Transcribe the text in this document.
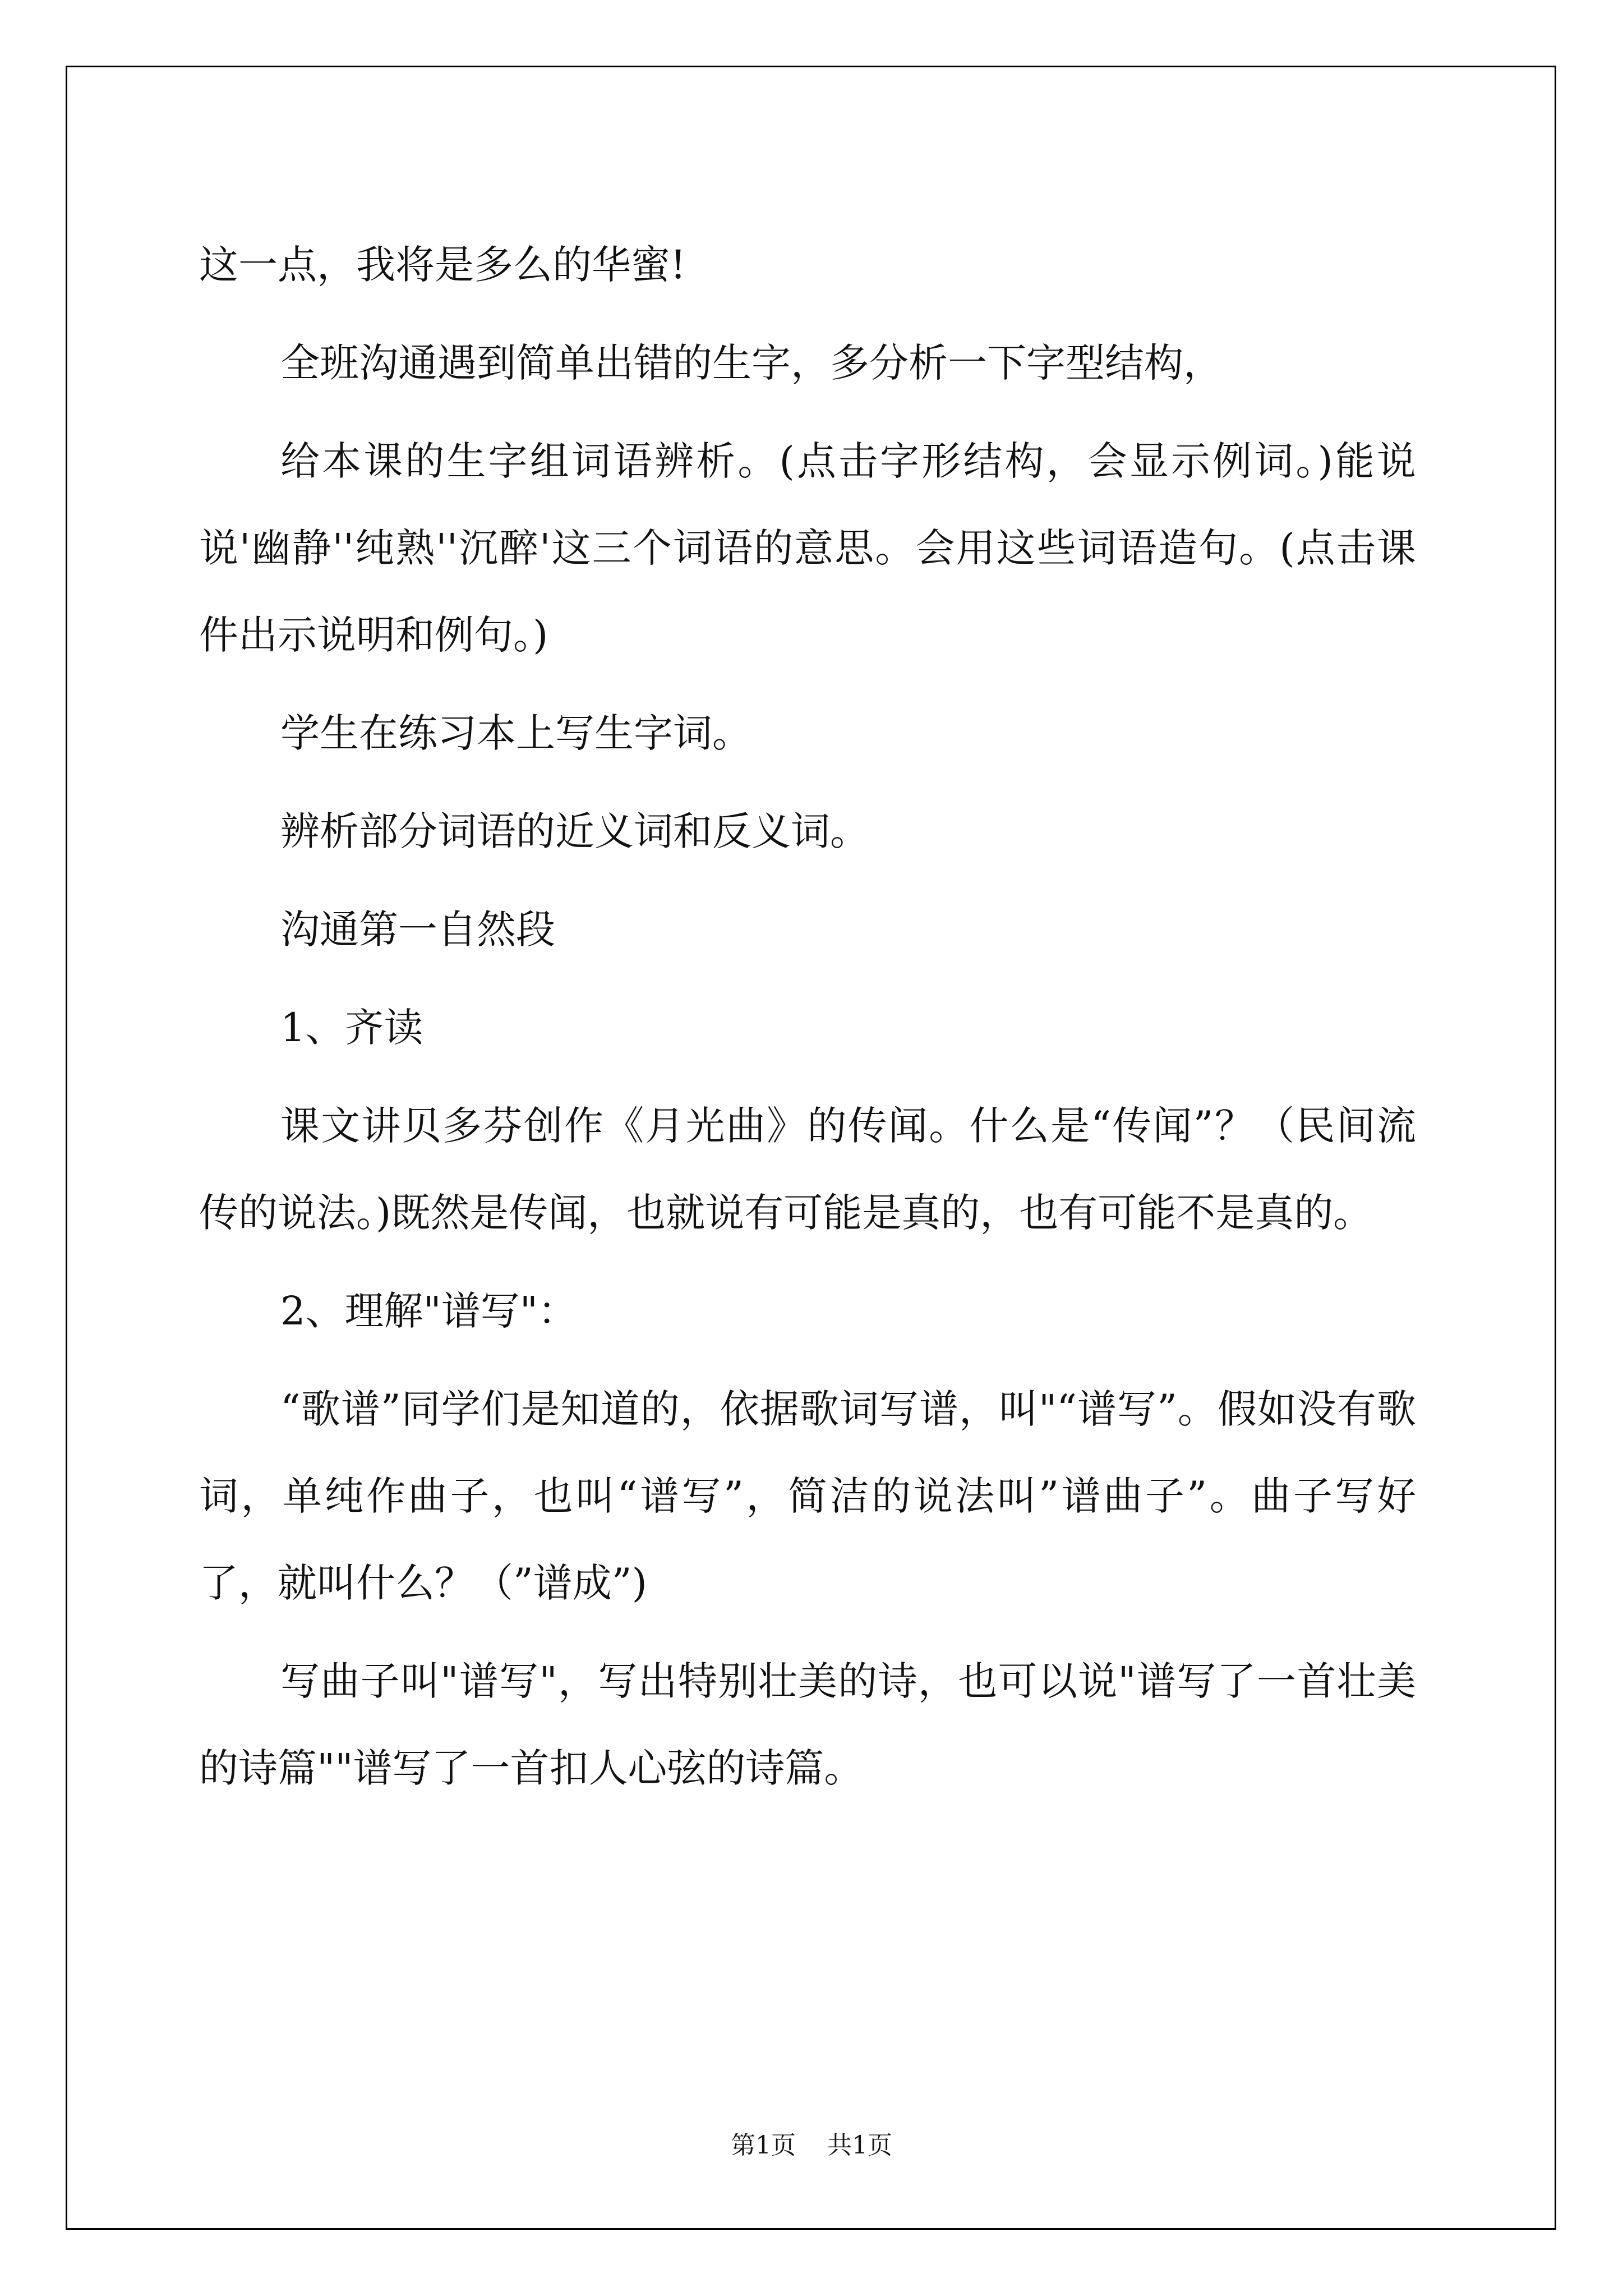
这一点，我将是多么的华蜜!

全班沟通遇到简单出错的生字，多分析一下字型结构，

给本课的生字组词语辨析。(点击字形结构，会显示例词。)能说说'幽静''纯熟''沉醉'这三个词语的意思。会用这些词语造句。(点击课件出示说明和例句。)

学生在练习本上写生字词。

辨析部分词语的近义词和反义词。

沟通第一自然段

1、齐读

课文讲贝多芬创作《月光曲》的传闻。什么是“传闻”？（民间流传的说法。)既然是传闻，也就说有可能是真的，也有可能不是真的。

2、理解"谱写"：

“歌谱”同学们是知道的，依据歌词写谱，叫"“谱写”。假如没有歌词，单纯作曲子，也叫“谱写”，简洁的说法叫”谱曲子”。曲子写好了，就叫什么？（”谱成”)

写曲子叫"谱写"，写出特别壮美的诗，也可以说"谱写了一首壮美的诗篇""谱写了一首扣人心弦的诗篇。

第1页 共1页
